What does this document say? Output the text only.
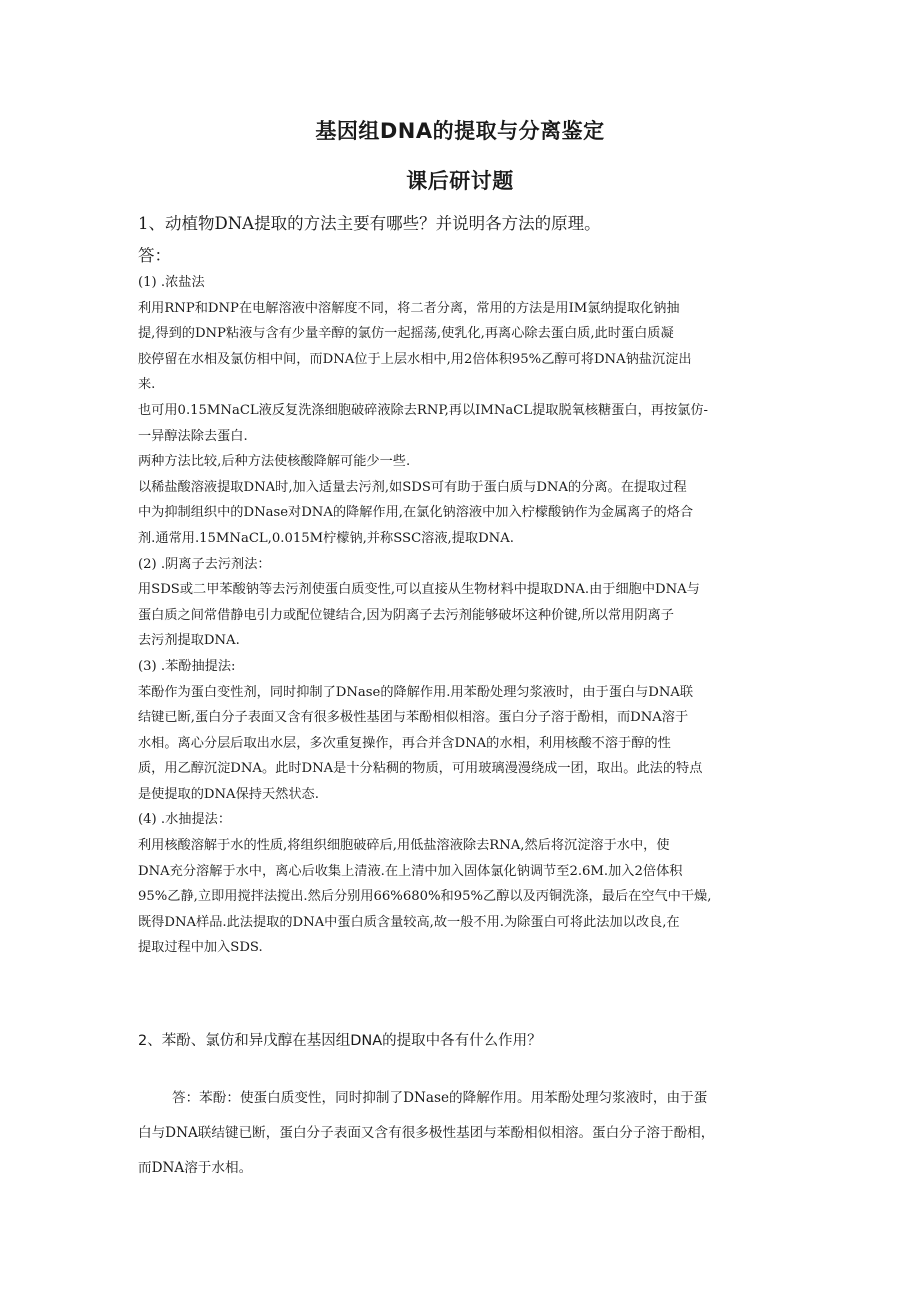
基因组DNA的提取与分离鉴定
课后研讨题
1、动植物DNA提取的方法主要有哪些？并说明各方法的原理。
答：
(1) .浓盐法
利用RNP和DNP在电解溶液中溶解度不同，将二者分离，常用的方法是用IM氯纳提取化钠抽
提,得到的DNP粘液与含有少量辛醇的氯仿一起摇荡,使乳化,再离心除去蛋白质,此时蛋白质凝
胶停留在水相及氯仿相中间，而DNA位于上层水相中,用2倍体积95%乙醇可将DNA钠盐沉淀出
来.
也可用0.15MNaCL液反复洗涤细胞破碎液除去RNP,再以IMNaCL提取脱氧核糖蛋白，再按氯仿-
一异醇法除去蛋白.
两种方法比较,后种方法使核酸降解可能少一些.
以稀盐酸溶液提取DNA时,加入适量去污剂,如SDS可有助于蛋白质与DNA的分离。在提取过程
中为抑制组织中的DNase对DNA的降解作用,在氯化钠溶液中加入柠檬酸钠作为金属离子的烙合
剂.通常用.15MNaCL,0.015M柠檬钠,并称SSC溶液,提取DNA.
(2) .阴离子去污剂法：
用SDS或二甲苯酸钠等去污剂使蛋白质变性,可以直接从生物材料中提取DNA.由于细胞中DNA与
蛋白质之间常借静电引力或配位键结合,因为阴离子去污剂能够破坏这种价键,所以常用阴离子
去污剂提取DNA.
(3) .苯酚抽提法:
苯酚作为蛋白变性剂，同时抑制了DNase的降解作用.用苯酚处理匀浆液时，由于蛋白与DNA联
结键已断,蛋白分子表面又含有很多极性基团与苯酚相似相溶。蛋白分子溶于酚相，而DNA溶于
水相。离心分层后取出水层，多次重复操作，再合并含DNA的水相，利用核酸不溶于醇的性
质，用乙醇沉淀DNA。此时DNA是十分粘稠的物质，可用玻璃漫漫绕成一团，取出。此法的特点
是使提取的DNA保持天然状态.
(4) .水抽提法：
利用核酸溶解于水的性质,将组织细胞破碎后,用低盐溶液除去RNA,然后将沉淀溶于水中，使
DNA充分溶解于水中，离心后收集上清液.在上清中加入固体氯化钠调节至2.6M.加入2倍体积
95%乙静,立即用搅拌法搅出.然后分别用66%680%和95%乙醇以及丙铜洗涤，最后在空气中干燥,
既得DNA样品.此法提取的DNA中蛋白质含量较高,故一般不用.为除蛋白可将此法加以改良,在
提取过程中加入SDS.
2、苯酚、氯仿和异戊醇在基因组DNA的提取中各有什么作用？
答：苯酚：使蛋白质变性，同时抑制了DNase的降解作用。用苯酚处理匀浆液时，由于蛋
白与DNA联结键已断，蛋白分子表面又含有很多极性基团与苯酚相似相溶。蛋白分子溶于酚相，
而DNA溶于水相。
